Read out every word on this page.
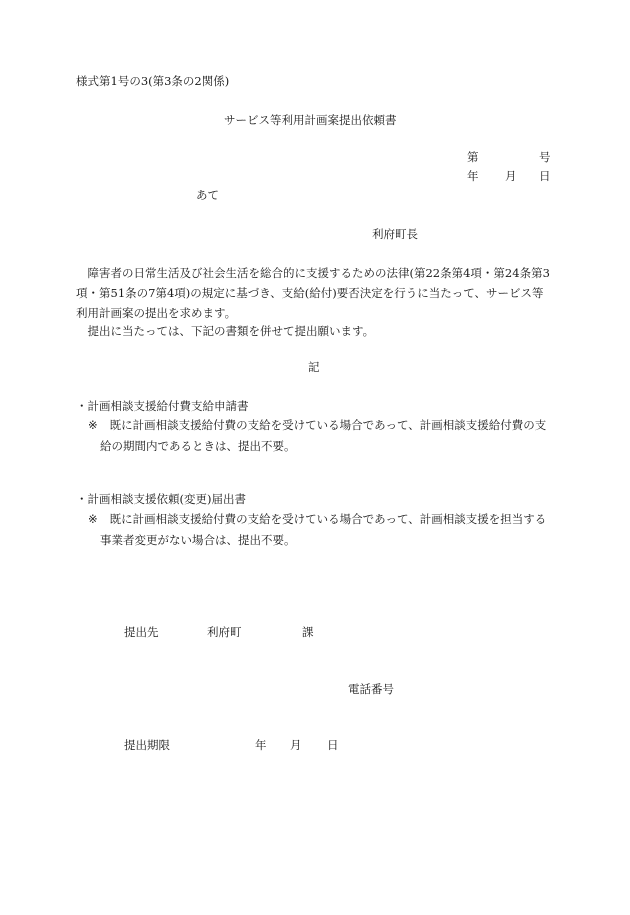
様式第1号の3(第3条の2関係)
サービス等利用計画案提出依頼書
第	号
年 月 日
あて
利府町長
障害者の日常生活及び社会生活を総合的に支援するための法律(第22条第4項・第24条第3項・第51条の7第4項)の規定に基づき、支給(給付)要否決定を行うに当たって、サービス等利用計画案の提出を求めます。
提出に当たっては、下記の書類を併せて提出願います。
記
・計画相談支援給付費支給申請書
※ 既に計画相談支援給付費の支給を受けている場合であって、計画相談支援給付費の支給の期間内であるときは、提出不要。
・計画相談支援依頼(変更)届出書
※ 既に計画相談支援給付費の支給を受けている場合であって、計画相談支援を担当する事業者変更がない場合は、提出不要。
提出先	利府町	課
電話番号
提出期限	年 月 日
